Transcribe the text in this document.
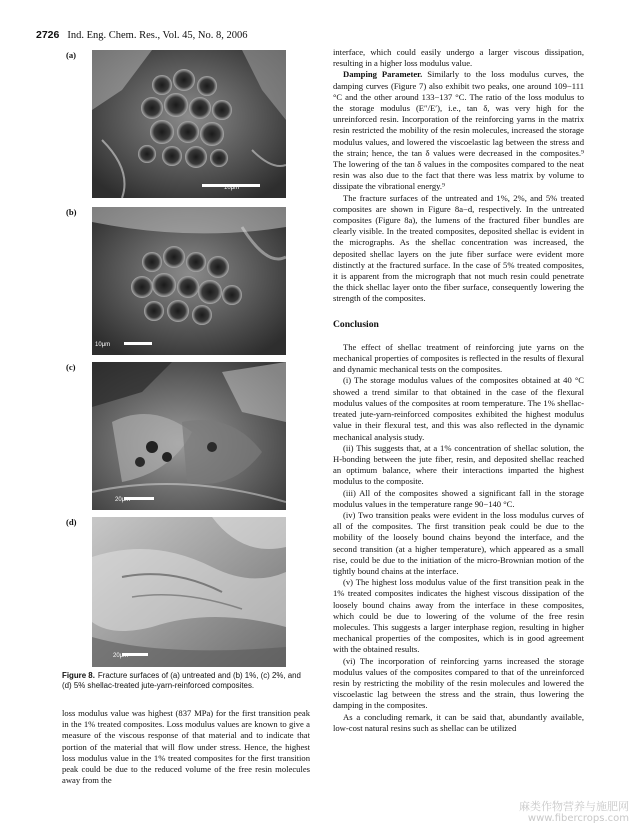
2726 Ind. Eng. Chem. Res., Vol. 45, No. 8, 2006
(a)
10μm
(b)
10μm
(c)
20μm
(d)
20μm
Figure 8. Fracture surfaces of (a) untreated and (b) 1%, (c) 2%, and (d) 5% shellac-treated jute-yarn-reinforced composites.

loss modulus value was highest (837 MPa) for the first transition peak in the 1% treated composites. Loss modulus values are known to give a measure of the viscous response of that material and to indicate that portion of the material that will flow under stress. Hence, the highest loss modulus value in the 1% treated composites for the first transition peak could be due to the reduced volume of the free resin molecules away from the

interface, which could easily undergo a larger viscous dissipation, resulting in a higher loss modulus value.

Damping Parameter. Similarly to the loss modulus curves, the damping curves (Figure 7) also exhibit two peaks, one around 109−111 °C and the other around 133−137 °C. The ratio of the loss modulus to the storage modulus (E″/E′), i.e., tan δ, was very high for the unreinforced resin. Incorporation of the reinforcing yarns in the matrix resin restricted the mobility of the resin molecules, increased the storage modulus values, and lowered the viscoelastic lag between the stress and the strain; hence, the tan δ values were decreased in the composites.⁹ The lowering of the tan δ values in the composites compared to the neat resin was also due to the fact that there was less matrix by volume to dissipate the vibrational energy.⁹

The fracture surfaces of the untreated and 1%, 2%, and 5% treated composites are shown in Figure 8a−d, respectively. In the untreated composites (Figure 8a), the lumens of the fractured fiber bundles are clearly visible. In the treated composites, deposited shellac is evident in the micrographs. As the shellac concentration was increased, the deposited shellac layers on the jute fiber surface were evident more distinctly at the fractured surface. In the case of 5% treated composites, it is apparent from the micrograph that not much resin could penetrate the thick shellac layer onto the fiber surface, consequently lowering the strength of the composites.

Conclusion

The effect of shellac treatment of reinforcing jute yarns on the mechanical properties of composites is reflected in the results of flexural and dynamic mechanical tests on the composites.

(i) The storage modulus values of the composites obtained at 40 °C showed a trend similar to that obtained in the case of the flexural modulus values of the composites at room temperature. The 1% shellac-treated jute-yarn-reinforced composites exhibited the highest modulus value in their flexural test, and this was also reflected in the dynamic mechanical analysis study.

(ii) This suggests that, at a 1% concentration of shellac solution, the H-bonding between the jute fiber, resin, and deposited shellac reached an optimum balance, where their interactions imparted the highest modulus to the composite.

(iii) All of the composites showed a significant fall in the storage modulus values in the temperature range 90−140 °C.

(iv) Two transition peaks were evident in the loss modulus curves of all of the composites. The first transition peak could be due to the mobility of the loosely bound chains beyond the interface, and the second transition (at a higher temperature), which appeared as a small rise, could be due to the initiation of the micro-Brownian motion of the tightly bound chains at the interface.

(v) The highest loss modulus value of the first transition peak in the 1% treated composites indicates the highest viscous dissipation of the loosely bound chains away from the interface in these composites, which could be due to lowering of the volume of the free resin molecules. This suggests a larger interphase region, resulting in higher mechanical properties of the composites, which is in good agreement with the obtained results.

(vi) The incorporation of reinforcing yarns increased the storage modulus values of the composites compared to that of the unreinforced resin by restricting the mobility of the resin molecules and lowered the viscoelastic lag between the stress and the strain, thus lowering the damping in the composites.

As a concluding remark, it can be said that, abundantly available, low-cost natural resins such as shellac can be utilized

麻类作物营养与施肥网
www.fibercrops.com
